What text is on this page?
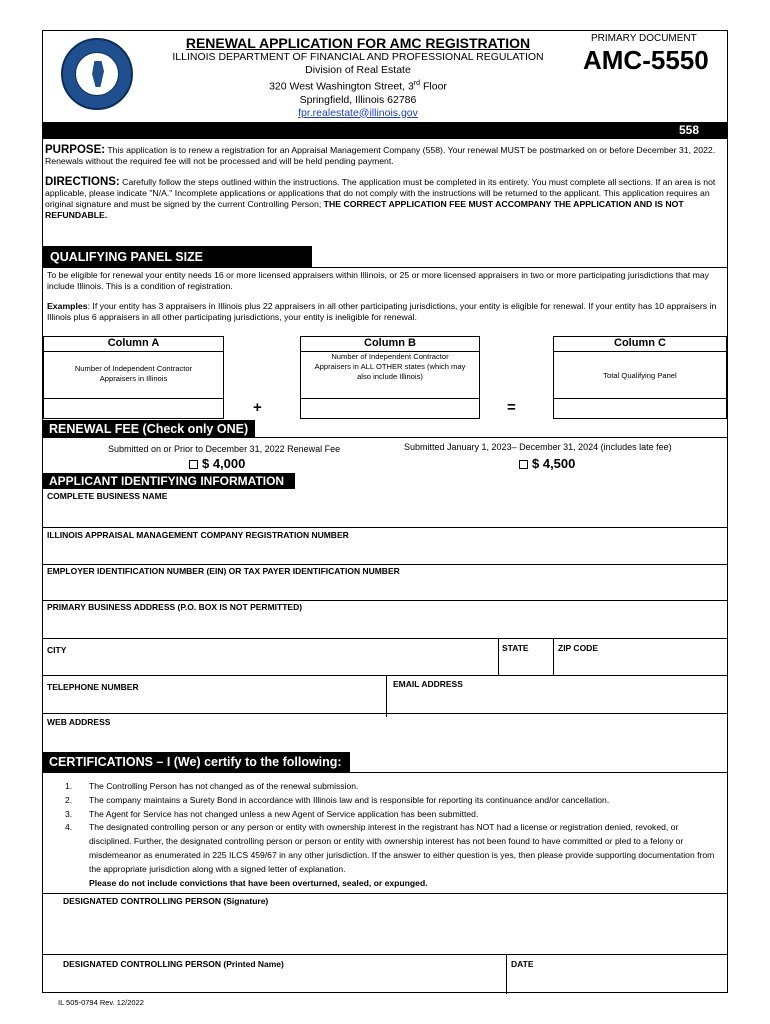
RENEWAL APPLICATION FOR AMC REGISTRATION
ILLINOIS DEPARTMENT OF FINANCIAL AND PROFESSIONAL REGULATION
Division of Real Estate
320 West Washington Street, 3rd Floor
Springfield, Illinois 62786
fpr.realestate@illinois.gov
PRIMARY DOCUMENT
AMC-5550
558
PURPOSE: This application is to renew a registration for an Appraisal Management Company (558). Your renewal MUST be postmarked on or before December 31, 2022. Renewals without the required fee will not be processed and will be held pending payment.
DIRECTIONS: Carefully follow the steps outlined within the instructions. The application must be completed in its entirety. You must complete all sections. If an area is not applicable, please indicate "N/A." Incomplete applications or applications that do not comply with the instructions will be returned to the applicant. This application requires an original signature and must be signed by the current Controlling Person; THE CORRECT APPLICATION FEE MUST ACCOMPANY THE APPLICATION AND IS NOT REFUNDABLE.
QUALIFYING PANEL SIZE
To be eligible for renewal your entity needs 16 or more licensed appraisers within Illinois, or 25 or more licensed appraisers in two or more participating jurisdictions that may include Illinois. This is a condition of registration.
Examples: If your entity has 3 appraisers in Illinois plus 22 appraisers in all other participating jurisdictions, your entity is eligible for renewal. If your entity has 10 appraisers in Illinois plus 6 appraisers in all other participating jurisdictions, your entity is ineligible for renewal.
Column A
Number of Independent Contractor Appraisers in Illinois
Column B
Number of Independent Contractor Appraisers in ALL OTHER states (which may also include Illinois)
Column C
Total Qualifying Panel
+	=
RENEWAL FEE (Check only ONE)
Submitted on or Prior to December 31, 2022 Renewal Fee
$ 4,000
Submitted January 1, 2023– December 31, 2024 (includes late fee)
$ 4,500
APPLICANT IDENTIFYING INFORMATION
COMPLETE BUSINESS NAME
ILLINOIS APPRAISAL MANAGEMENT COMPANY REGISTRATION NUMBER
EMPLOYER IDENTIFICATION NUMBER (EIN) OR TAX PAYER IDENTIFICATION NUMBER
PRIMARY BUSINESS ADDRESS (P.O. BOX IS NOT PERMITTED)
CITY	STATE	ZIP CODE
TELEPHONE NUMBER	EMAIL ADDRESS
WEB ADDRESS
CERTIFICATIONS – I (We) certify to the following:
1. The Controlling Person has not changed as of the renewal submission.
2. The company maintains a Surety Bond in accordance with Illinois law and is responsible for reporting its continuance and/or cancellation.
3. The Agent for Service has not changed unless a new Agent of Service application has been submitted.
4. The designated controlling person or any person or entity with ownership interest in the registrant has NOT had a license or registration denied, revoked, or disciplined. Further, the designated controlling person or person or entity with ownership interest has not been found to have committed or pled to a felony or misdemeanor as enumerated in 225 ILCS 459/67 in any other jurisdiction. If the answer to either question is yes, then please provide supporting documentation from the appropriate jurisdiction along with a signed letter of explanation.
Please do not include convictions that have been overturned, sealed, or expunged.
DESIGNATED CONTROLLING PERSON (Signature)
DESIGNATED CONTROLLING PERSON (Printed Name)	DATE
IL 505-0794 Rev. 12/2022
